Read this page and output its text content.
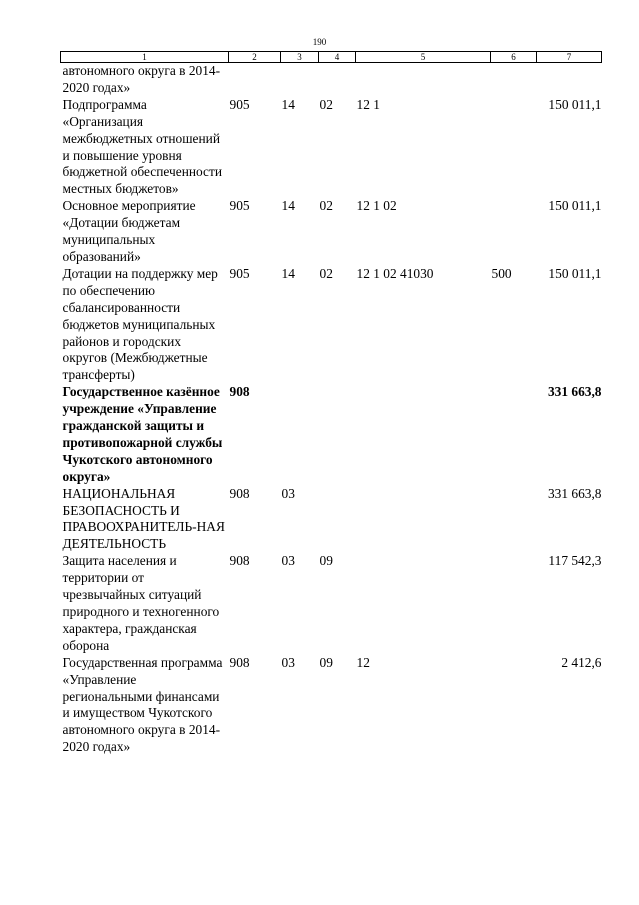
190
1	2	3	4	5	6	7
автономного округа в 2014-2020 годах»						
Подпрограмма «Организация межбюджетных отношений и повышение уровня бюджетной обеспеченности местных бюджетов»	905	14	02	12 1		150 011,1
Основное мероприятие «Дотации бюджетам муниципальных образований»	905	14	02	12 1 02		150 011,1
Дотации на поддержку мер по обеспечению сбалансированности бюджетов муниципальных районов и городских округов (Межбюджетные трансферты)	905	14	02	12 1 02 41030	500	150 011,1
Государственное казённое учреждение «Управление гражданской защиты и противопожарной службы Чукотского автономного округа»	908					331 663,8
НАЦИОНАЛЬНАЯ БЕЗОПАСНОСТЬ И ПРАВООХРАНИТЕЛЬ-НАЯ ДЕЯТЕЛЬНОСТЬ	908	03				331 663,8
Защита населения и территории от чрезвычайных ситуаций природного и техногенного характера, гражданская оборона	908	03	09			117 542,3
Государственная программа «Управление региональными финансами и имуществом Чукотского автономного округа в 2014-2020 годах»	908	03	09	12		2 412,6
